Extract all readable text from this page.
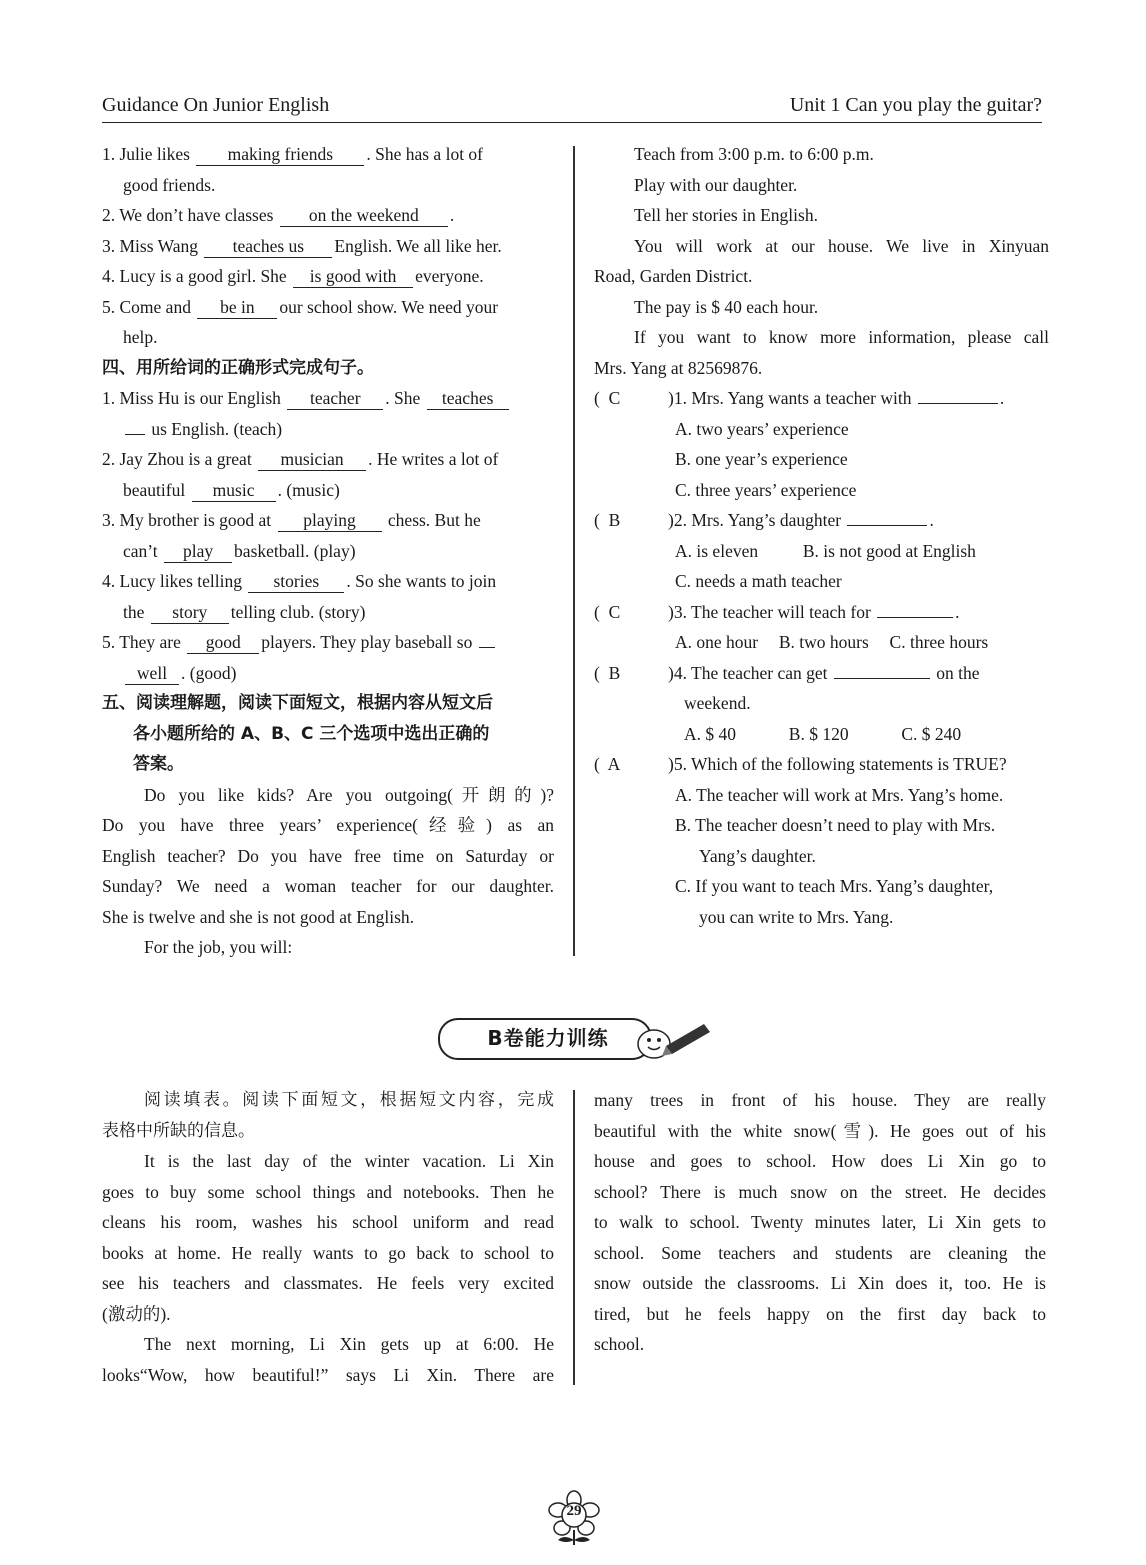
Guidance On Junior English	Unit 1 Can you play the guitar?
1. Julie likes making friends . She has a lot of
good friends.
2. We don’t have classes on the weekend .
3. Miss Wang teaches us English. We all like her.
4. Lucy is a good girl. She is good with everyone.
5. Come and be in our school show. We need your
help.
四、用所给词的正确形式完成句子。
1. Miss Hu is our English teacher . She teaches
us English. (teach)
2. Jay Zhou is a great musician . He writes a lot of
beautiful music . (music)
3. My brother is good at playing chess. But he
can’t play basketball. (play)
4. Lucy likes telling stories . So she wants to join
the story telling club. (story)
5. They are good players. They play baseball so
well . (good)
五、阅读理解题，阅读下面短文，根据内容从短文后
各小题所给的 A、B、C 三个选项中选出正确的
答案。
Do you like kids? Are you outgoing(开朗的)?
Do you have three years’ experience(经验) as an
English teacher? Do you have free time on Saturday or
Sunday? We need a woman teacher for our daughter.
She is twelve and she is not good at English.
For the job, you will:
Teach from 3:00 p.m. to 6:00 p.m.
Play with our daughter.
Tell her stories in English.
You will work at our house. We live in Xinyuan
Road, Garden District.
The pay is $ 40 each hour.
If you want to know more information, please call
Mrs. Yang at 82569876.
(  C	)1. Mrs. Yang wants a teacher with	.
A. two years’ experience
B. one year’s experience
C. three years’ experience
(  B	)2. Mrs. Yang’s daughter	.
A. is eleven	B. is not good at English
C. needs a math teacher
(  C	)3. The teacher will teach for	.
A. one hour B. two hours C. three hours
(  B	)4. The teacher can get	on the
weekend.
A. $ 40	B. $ 120	C. $ 240
(  A	)5. Which of the following statements is TRUE?
A. The teacher will work at Mrs. Yang’s home.
B. The teacher doesn’t need to play with Mrs.
Yang’s daughter.
C. If you want to teach Mrs. Yang’s daughter,
you can write to Mrs. Yang.
B卷能力训练
阅读填表。阅读下面短文，根据短文内容，完成
表格中所缺的信息。
It is the last day of the winter vacation. Li Xin
goes to buy some school things and notebooks. Then he
cleans his room, washes his school uniform and read
books at home. He really wants to go back to school to
see his teachers and classmates. He feels very excited
(激动的).
The next morning, Li Xin gets up at 6:00. He
looks“Wow, how beautiful!” says Li Xin. There are
many trees in front of his house. They are really
beautiful with the white snow(雪). He goes out of his
house and goes to school. How does Li Xin go to
school? There is much snow on the street. He decides
to walk to school. Twenty minutes later, Li Xin gets to
school. Some teachers and students are cleaning the
snow outside the classrooms. Li Xin does it, too. He is
tired, but he feels happy on the first day back to
school.
29
